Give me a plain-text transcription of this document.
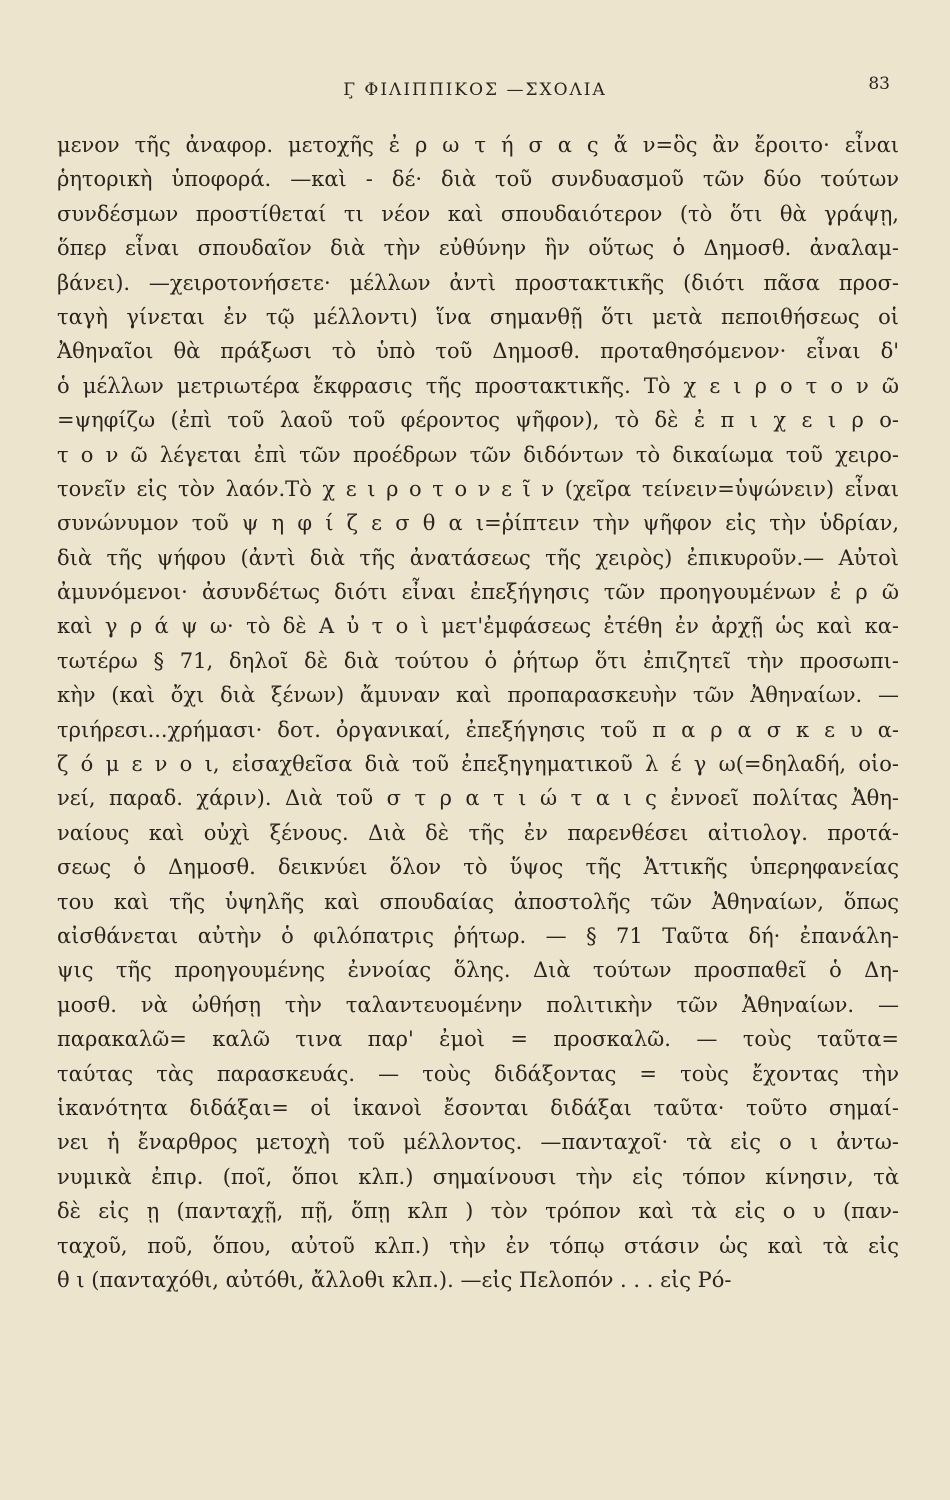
Γ̧ ΦΙΛΙΠΠΙΚΟΣ —ΣΧΟΛΙΑ	83
μενον τῆς ἀναφορ. μετοχῆς ἐ ρ ω τ ή σ α ς ἄ ν=ὃς ἂν ἔροιτο· εἶναι
ῥητορικὴ ὑποφορά. —καὶ - δέ· διὰ τοῦ συνδυασμοῦ τῶν δύο τούτων
συνδέσμων προστίθεταί τι νέον καὶ σπουδαιότερον (τὸ ὅτι θὰ γράψῃ,
ὅπερ εἶναι σπουδαῖον διὰ τὴν εὐθύνην ἣν οὕτως ὁ Δημοσθ. ἀναλαμ-
βάνει). —χειροτονήσετε· μέλλων ἀντὶ προστακτικῆς (διότι πᾶσα προσ-
ταγὴ γίνεται ἐν τῷ μέλλοντι) ἵνα σημανθῇ ὅτι μετὰ πεποιθήσεως οἱ
Ἀθηναῖοι θὰ πράξωσι τὸ ὑπὸ τοῦ Δημοσθ. προταθησόμενον· εἶναι δ'
ὁ μέλλων μετριωτέρα ἔκφρασις τῆς προστακτικῆς. Τὸ χ ε ι ρ ο τ ο ν ῶ
=ψηφίζω (ἐπὶ τοῦ λαοῦ τοῦ φέροντος ψῆφον), τὸ δὲ ἐ π ι χ ε ι ρ ο-
τ ο ν ῶ λέγεται ἐπὶ τῶν προέδρων τῶν διδόντων τὸ δικαίωμα τοῦ χειρο-
τονεῖν εἰς τὸν λαόν.Τὸ χ ε ι ρ ο τ ο ν ε ῖ ν (χεῖρα τείνειν=ὑψώνειν) εἶναι
συνώνυμον τοῦ ψ η φ ί ζ ε σ θ α ι=ῥίπτειν τὴν ψῆφον εἰς τὴν ὑδρίαν,
διὰ τῆς ψήφου (ἀντὶ διὰ τῆς ἀνατάσεως τῆς χειρὸς) ἐπικυροῦν.— Αὐτοὶ
ἀμυνόμενοι· ἀσυνδέτως διότι εἶναι ἐπεξήγησις τῶν προηγουμένων ἐ ρ ῶ
καὶ γ ρ ά ψ ω· τὸ δὲ Α ὐ τ ο ὶ μετ'ἐμφάσεως ἐτέθη ἐν ἀρχῇ ὡς καὶ κα-
τωτέρω § 71, δηλοῖ δὲ διὰ τούτου ὁ ῥήτωρ ὅτι ἐπιζητεῖ τὴν προσωπι-
κὴν (καὶ ὄχι διὰ ξένων) ἄμυναν καὶ προπαρασκευὴν τῶν Ἀθηναίων. —
τριήρεσι...χρήμασι· δοτ. ὀργανικαί, ἐπεξήγησις τοῦ π α ρ α σ κ ε υ α-
ζ ό μ ε ν ο ι, εἰσαχθεῖσα διὰ τοῦ ἐπεξηγηματικοῦ λ έ γ ω(=δηλαδή, οἱο-
νεί, παραδ. χάριν). Διὰ τοῦ σ τ ρ α τ ι ώ τ α ι ς ἐννοεῖ πολίτας Ἀθη-
ναίους καὶ οὐχὶ ξένους. Διὰ δὲ τῆς ἐν παρενθέσει αἰτιολογ. προτά-
σεως ὁ Δημοσθ. δεικνύει ὅλον τὸ ὕψος τῆς Ἀττικῆς ὑπερηφανείας
του καὶ τῆς ὑψηλῆς καὶ σπουδαίας ἀποστολῆς τῶν Ἀθηναίων, ὅπως
αἰσθάνεται αὐτὴν ὁ φιλόπατρις ῥήτωρ. — § 71 Ταῦτα δή· ἐπανάλη-
ψις τῆς προηγουμένης ἐννοίας ὅλης. Διὰ τούτων προσπαθεῖ ὁ Δη-
μοσθ. νὰ ὠθήσῃ τὴν ταλαντευομένην πολιτικὴν τῶν Ἀθηναίων. —
παρακαλῶ= καλῶ τινα παρ' ἐμοὶ = προσκαλῶ. — τοὺς ταῦτα=
ταύτας τὰς παρασκευάς. — τοὺς διδάξοντας = τοὺς ἔχοντας τὴν
ἱκανότητα διδάξαι= οἱ ἱκανοὶ ἔσονται διδάξαι ταῦτα· τοῦτο σημαί-
νει ἡ ἔναρθρος μετοχὴ τοῦ μέλλοντος. —πανταχοῖ· τὰ εἰς ο ι ἀντω-
νυμικὰ ἐπιρ. (ποῖ, ὅποι κλπ.) σημαίνουσι τὴν εἰς τόπον κίνησιν, τὰ
δὲ εἰς ῃ (πανταχῇ, πῇ, ὅπῃ κλπ ) τὸν τρόπον καὶ τὰ εἰς ο υ (παν-
ταχοῦ, ποῦ, ὅπου, αὐτοῦ κλπ.) τὴν ἐν τόπῳ στάσιν ὡς καὶ τὰ εἰς
θ ι (πανταχόθι, αὐτόθι, ἄλλοθι κλπ.). —εἰς Πελοπόν . . . εἰς Ρό-
